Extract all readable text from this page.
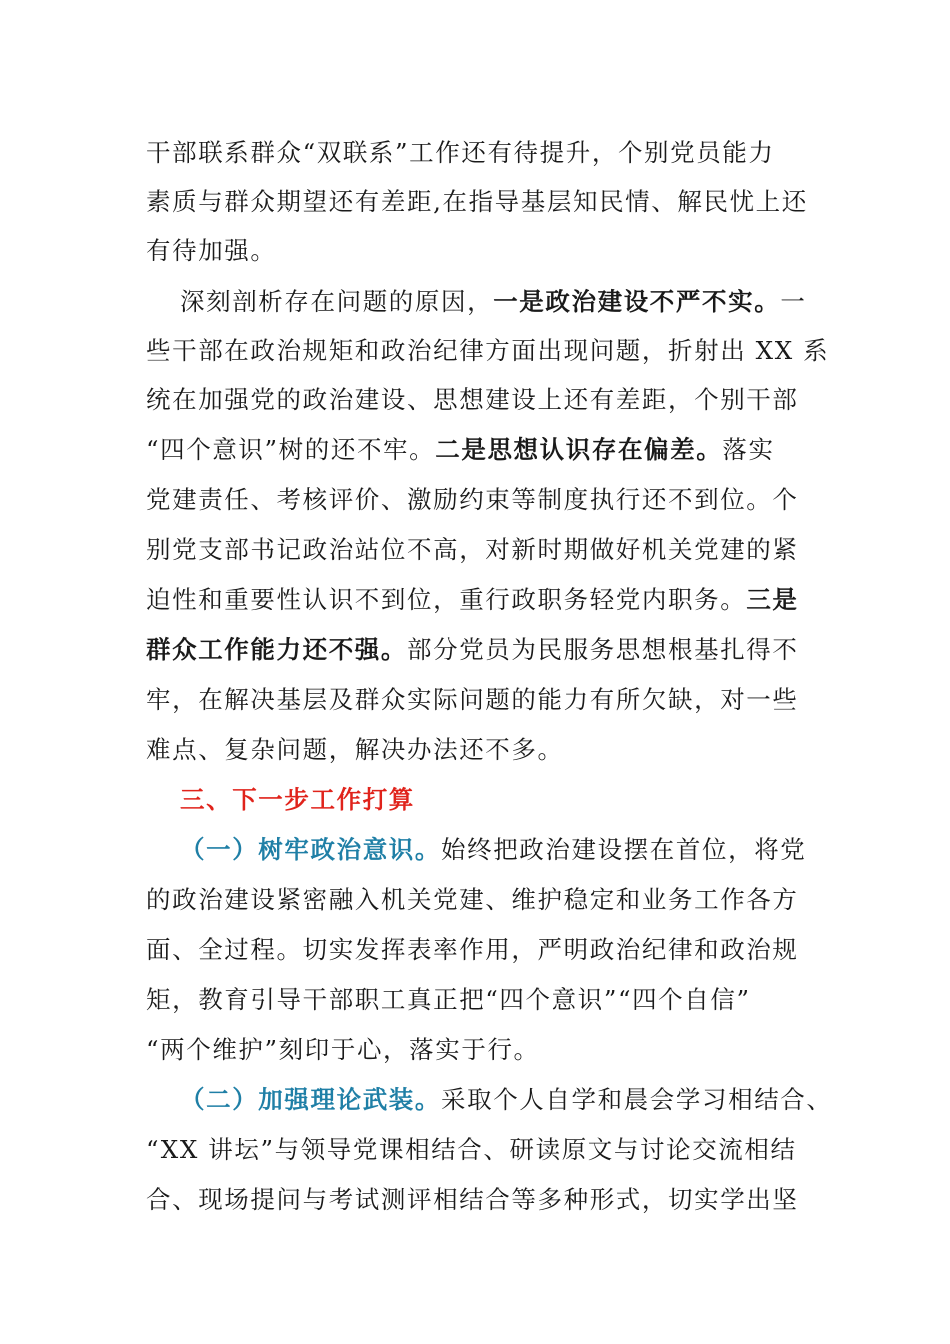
干部联系群众“双联系”工作还有待提升，个别党员能力
素质与群众期望还有差距,在指导基层知民情、解民忧上还
有待加强。
深刻剖析存在问题的原因，一是政治建设不严不实。一
些干部在政治规矩和政治纪律方面出现问题，折射出 XX 系
统在加强党的政治建设、思想建设上还有差距，个别干部
“四个意识”树的还不牢。二是思想认识存在偏差。落实
党建责任、考核评价、激励约束等制度执行还不到位。个
别党支部书记政治站位不高，对新时期做好机关党建的紧
迫性和重要性认识不到位，重行政职务轻党内职务。三是
群众工作能力还不强。部分党员为民服务思想根基扎得不
牢，在解决基层及群众实际问题的能力有所欠缺，对一些
难点、复杂问题，解决办法还不多。
三、下一步工作打算
（一）树牢政治意识。始终把政治建设摆在首位，将党
的政治建设紧密融入机关党建、维护稳定和业务工作各方
面、全过程。切实发挥表率作用，严明政治纪律和政治规
矩，教育引导干部职工真正把“四个意识”“四个自信”
“两个维护”刻印于心，落实于行。
（二）加强理论武装。采取个人自学和晨会学习相结合、
“XX 讲坛”与领导党课相结合、研读原文与讨论交流相结
合、现场提问与考试测评相结合等多种形式，切实学出坚
